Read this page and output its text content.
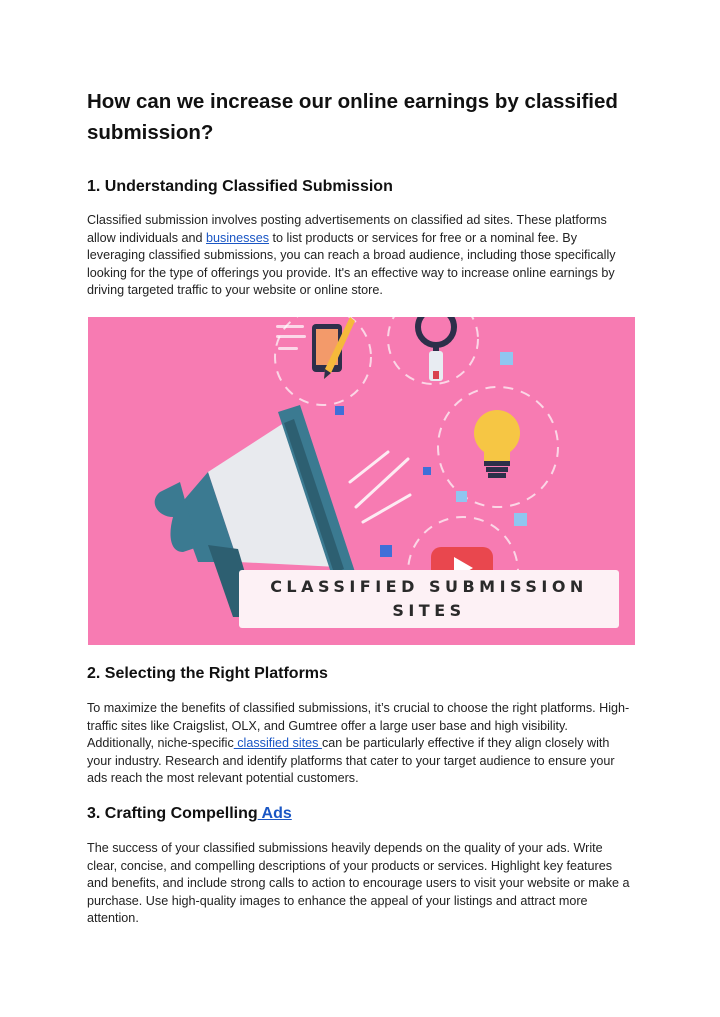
How can we increase our online earnings by classified submission?
1. Understanding Classified Submission

Classified submission involves posting advertisements on classified ad sites. These platforms allow individuals and businesses to list products or services for free or a nominal fee. By leveraging classified submissions, you can reach a broad audience, including those specifically looking for the type of offerings you provide. It's an effective way to increase online earnings by driving targeted traffic to your website or online store.

CLASSIFIED SUBMISSION
SITES
2. Selecting the Right Platforms

To maximize the benefits of classified submissions, it’s crucial to choose the right platforms. High-traffic sites like Craigslist, OLX, and Gumtree offer a large user base and high visibility. Additionally, niche-specific classified sites can be particularly effective if they align closely with your industry. Research and identify platforms that cater to your target audience to ensure your ads reach the most relevant potential customers.

3. Crafting Compelling Ads

The success of your classified submissions heavily depends on the quality of your ads. Write clear, concise, and compelling descriptions of your products or services. Highlight key features and benefits, and include strong calls to action to encourage users to visit your website or make a purchase. Use high-quality images to enhance the appeal of your listings and attract more attention.
